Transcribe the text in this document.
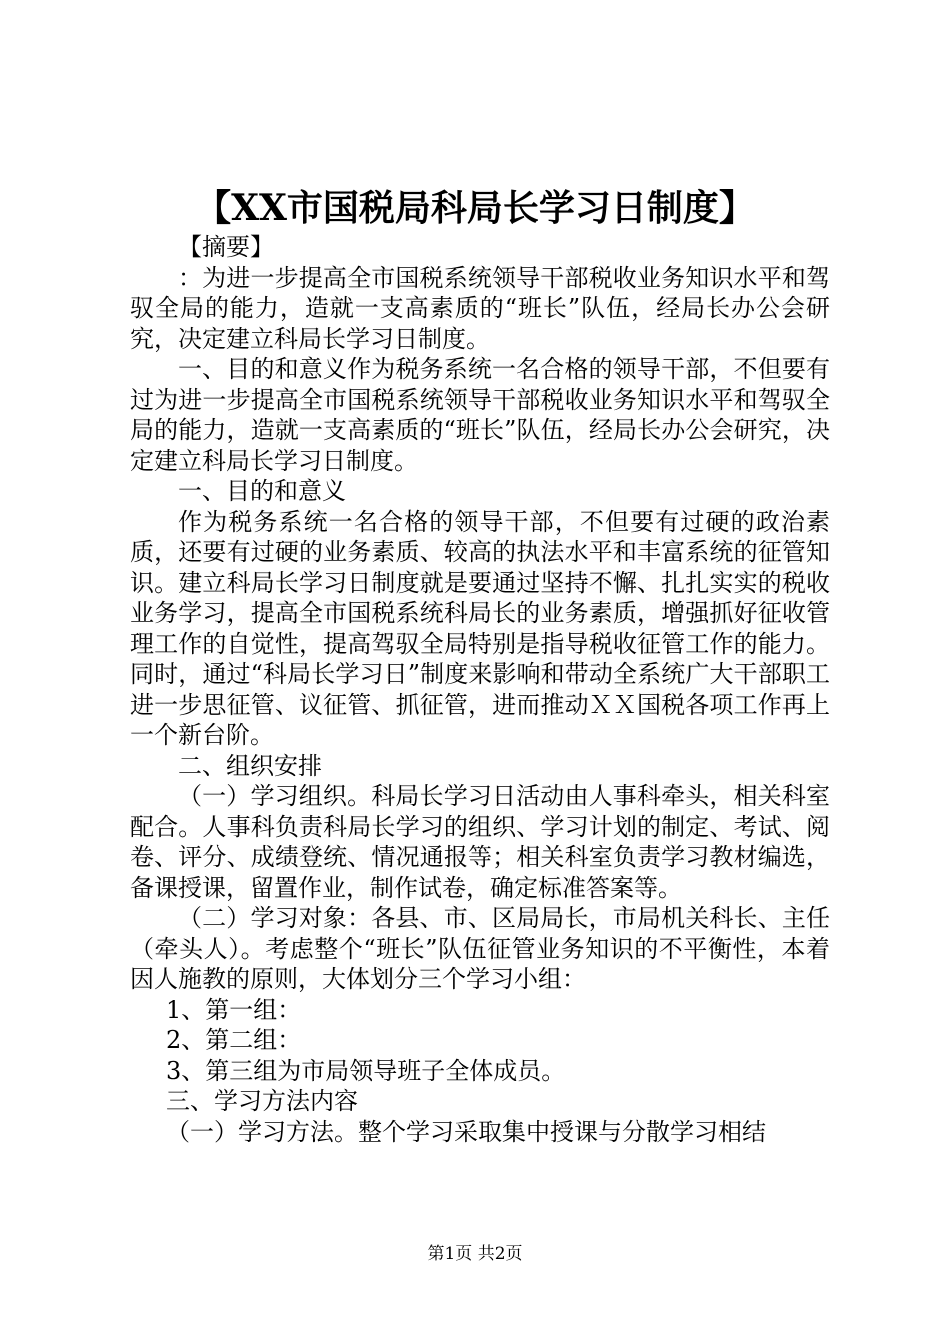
【XX市国税局科局长学习日制度】

【摘要】

：为进一步提高全市国税系统领导干部税收业务知识水平和驾驭全局的能力，造就一支高素质的“班长”队伍，经局长办公会研究，决定建立科局长学习日制度。

一、目的和意义作为税务系统一名合格的领导干部，不但要有过为进一步提高全市国税系统领导干部税收业务知识水平和驾驭全局的能力，造就一支高素质的“班长”队伍，经局长办公会研究，决定建立科局长学习日制度。

一、目的和意义

作为税务系统一名合格的领导干部，不但要有过硬的政治素质，还要有过硬的业务素质、较高的执法水平和丰富系统的征管知识。建立科局长学习日制度就是要通过坚持不懈、扎扎实实的税收业务学习，提高全市国税系统科局长的业务素质，增强抓好征收管理工作的自觉性，提高驾驭全局特别是指导税收征管工作的能力。同时，通过“科局长学习日”制度来影响和带动全系统广大干部职工进一步思征管、议征管、抓征管，进而推动ＸＸ国税各项工作再上一个新台阶。

二、组织安排

（一）学习组织。科局长学习日活动由人事科牵头，相关科室配合。人事科负责科局长学习的组织、学习计划的制定、考试、阅卷、评分、成绩登统、情况通报等；相关科室负责学习教材编选，备课授课，留置作业，制作试卷，确定标准答案等。

（二）学习对象：各县、市、区局局长，市局机关科长、主任（牵头人）。考虑整个“班长”队伍征管业务知识的不平衡性，本着因人施教的原则，大体划分三个学习小组：

1、第一组：

2、第二组：

3、第三组为市局领导班子全体成员。

三、学习方法内容

（一）学习方法。整个学习采取集中授课与分散学习相结

第1页 共2页
